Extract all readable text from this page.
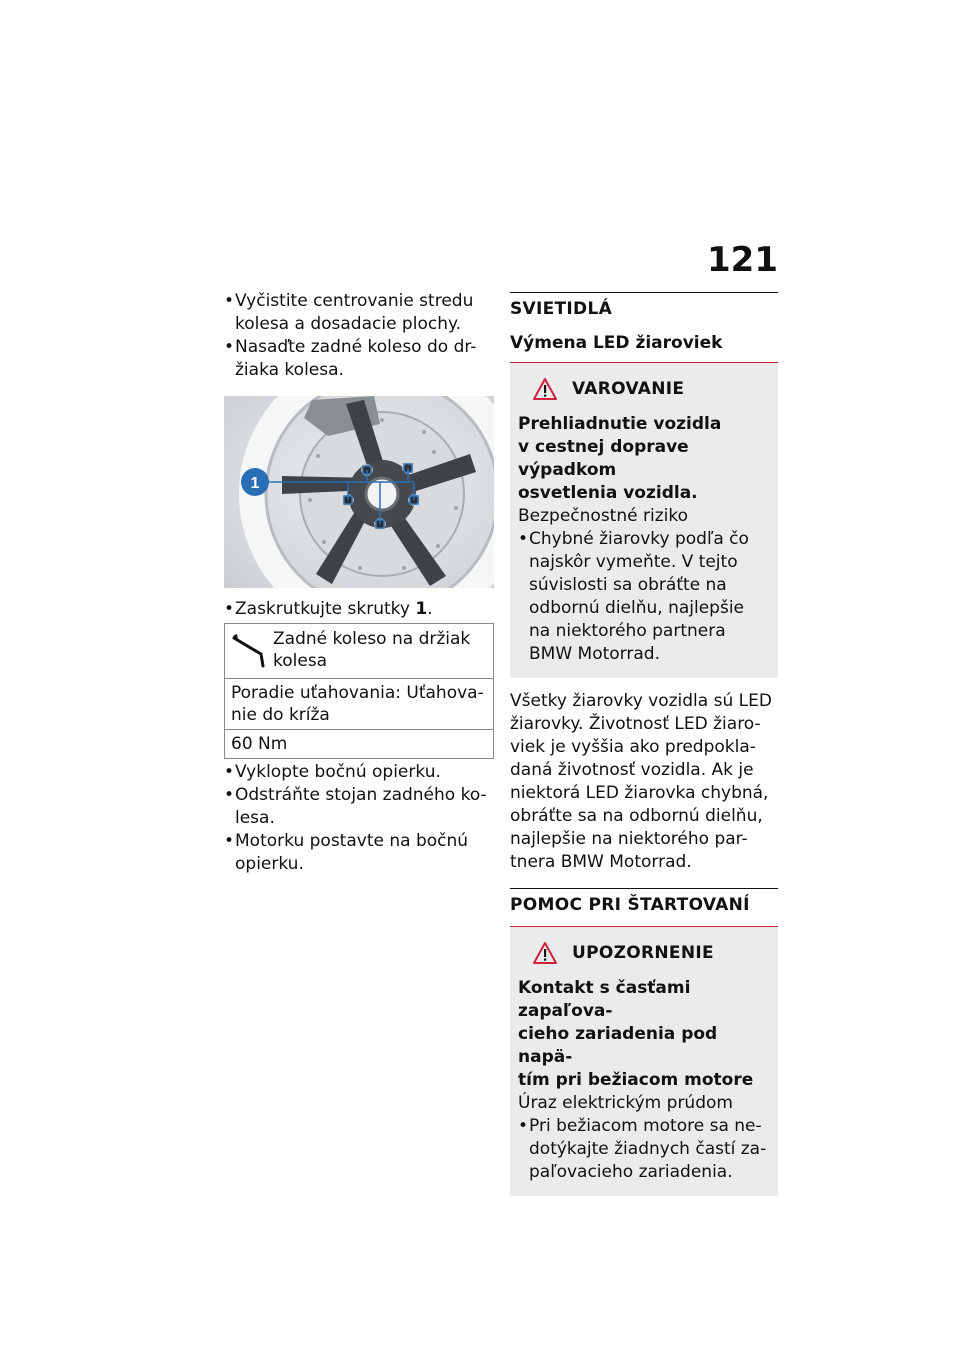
121
• Vyčistite centrovanie stredu
kolesa a dosadacie plochy.
• Nasaďte zadné koleso do dr-
žiaka kolesa.
1
• Zaskrutkujte skrutky 1.
Zadné koleso na držiak
kolesa
Poradie uťahovania: Uťahova-
nie do kríža
60 Nm
• Vyklopte bočnú opierku.
• Odstráňte stojan zadného ko-
lesa.
• Motorku postavte na bočnú
opierku.
SVIETIDLÁ
Výmena LED žiaroviek
VAROVANIE
Prehliadnutie vozidla
v cestnej doprave výpadkom
osvetlenia vozidla.
Bezpečnostné riziko
• Chybné žiarovky podľa čo
najskôr vymeňte. V tejto
súvislosti sa obráťte na
odbornú dielňu, najlepšie
na niektorého partnera
BMW Motorrad.
Všetky žiarovky vozidla sú LED
žiarovky. Životnosť LED žiaro-
viek je vyššia ako predpokla-
daná životnosť vozidla. Ak je
niektorá LED žiarovka chybná,
obráťte sa na odbornú dielňu,
najlepšie na niektorého par-
tnera BMW Motorrad.
POMOC PRI ŠTARTOVANÍ
UPOZORNENIE
Kontakt s časťami zapaľova-
cieho zariadenia pod napä-
tím pri bežiacom motore
Úraz elektrickým prúdom
• Pri bežiacom motore sa ne-
dotýkajte žiadnych častí za-
paľovacieho zariadenia.
